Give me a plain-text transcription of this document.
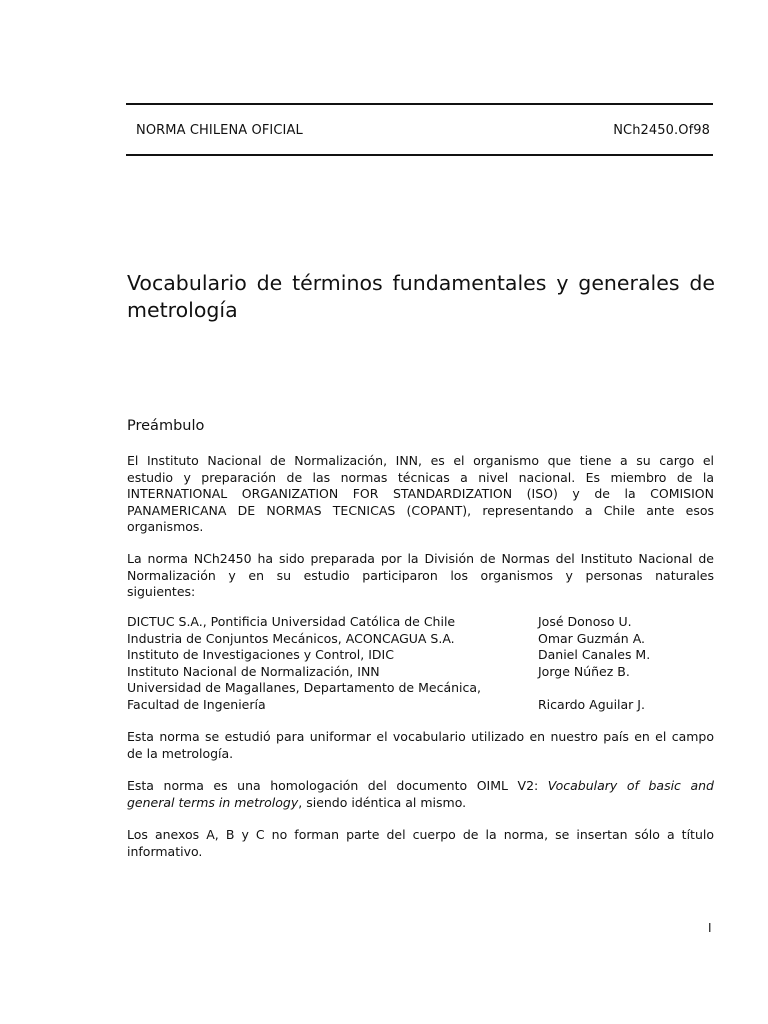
NORMA CHILENA OFICIAL	NCh2450.Of98
Vocabulario de términos fundamentales y generales de
metrología
Preámbulo
El Instituto Nacional de Normalización, INN, es el organismo que tiene a su cargo el
estudio y preparación de las normas técnicas a nivel nacional. Es miembro de la
INTERNATIONAL ORGANIZATION FOR STANDARDIZATION (ISO) y de la COMISION
PANAMERICANA DE NORMAS TECNICAS (COPANT), representando a Chile ante esos
organismos.
La norma NCh2450 ha sido preparada por la División de Normas del Instituto Nacional de
Normalización y en su estudio participaron los organismos y personas naturales
siguientes:
DICTUC S.A., Pontificia Universidad Católica de Chile	José Donoso U.
Industria de Conjuntos Mecánicos, ACONCAGUA S.A.	Omar Guzmán A.
Instituto de Investigaciones y Control, IDIC	Daniel Canales M.
Instituto Nacional de Normalización, INN	Jorge Núñez B.
Universidad de Magallanes, Departamento de Mecánica,
Facultad de Ingeniería	Ricardo Aguilar J.
Esta norma se estudió para uniformar el vocabulario utilizado en nuestro país en el campo
de la metrología.
Esta norma es una homologación del documento OIML V2: Vocabulary of basic and
general terms in metrology, siendo idéntica al mismo.
Los anexos A, B y C no forman parte del cuerpo de la norma, se insertan sólo a título
informativo.
I
